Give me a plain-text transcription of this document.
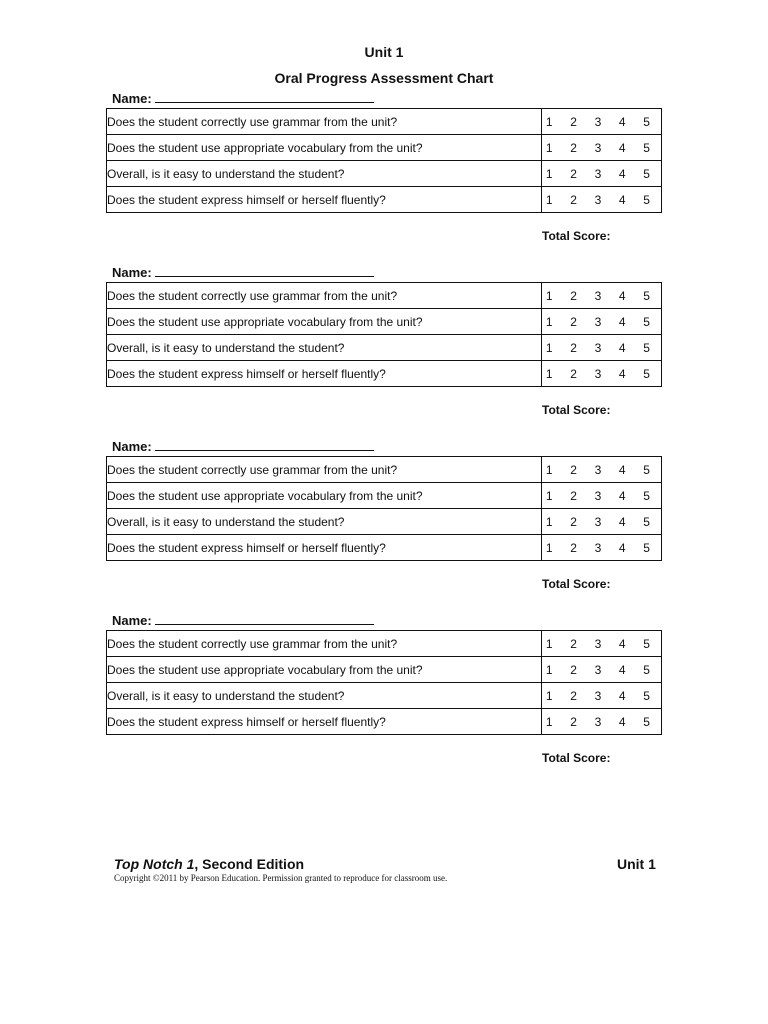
Unit 1
Oral Progress Assessment Chart
Name:
Does the student correctly use grammar from the unit?	1 2 3 4 5

Does the student use appropriate vocabulary from the unit?	1 2 3 4 5

Overall, is it easy to understand the student?	1 2 3 4 5

Does the student express himself or herself fluently?	1 2 3 4 5
Total Score:
Name:
Does the student correctly use grammar from the unit?	1 2 3 4 5

Does the student use appropriate vocabulary from the unit?	1 2 3 4 5

Overall, is it easy to understand the student?	1 2 3 4 5

Does the student express himself or herself fluently?	1 2 3 4 5
Total Score:
Name:
Does the student correctly use grammar from the unit?	1 2 3 4 5

Does the student use appropriate vocabulary from the unit?	1 2 3 4 5

Overall, is it easy to understand the student?	1 2 3 4 5

Does the student express himself or herself fluently?	1 2 3 4 5
Total Score:
Name:
Does the student correctly use grammar from the unit?	1 2 3 4 5

Does the student use appropriate vocabulary from the unit?	1 2 3 4 5

Overall, is it easy to understand the student?	1 2 3 4 5

Does the student express himself or herself fluently?	1 2 3 4 5
Total Score:
Top Notch 1, Second Edition	Unit 1
Copyright ©2011 by Pearson Education. Permission granted to reproduce for classroom use.
